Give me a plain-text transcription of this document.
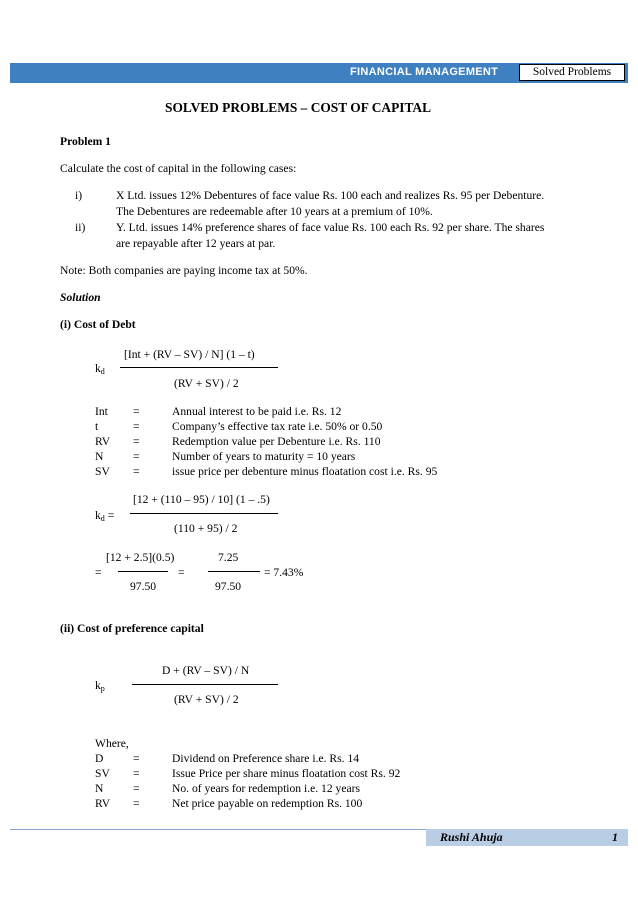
FINANCIAL MANAGEMENT	Solved Problems
SOLVED PROBLEMS – COST OF CAPITAL
Problem 1
Calculate the cost of capital in the following cases:
i)	X Ltd. issues 12% Debentures of face value Rs. 100 each and realizes Rs. 95 per Debenture.
The Debentures are redeemable after 10 years at a premium of 10%.
ii)	Y. Ltd. issues 14% preference shares of face value Rs. 100 each Rs. 92 per share. The shares
are repayable after 12 years at par.
Note: Both companies are paying income tax at 50%.
Solution
(i) Cost of Debt
[Int + (RV – SV) / N] (1 – t)
$k_d$
(RV + SV) / 2
Int =	Annual interest to be paid i.e. Rs. 12
t	=	Company’s effective tax rate i.e. 50% or 0.50
RV =	Redemption value per Debenture i.e. Rs. 110
N	=	Number of years to maturity = 10 years
SV =	issue price per debenture minus floatation cost i.e. Rs. 95
[12 + (110 – 95) / 10] (1 – .5)
$k_d$ =
(110 + 95) / 2
[12 + 2.5](0.5)
=
97.50
=
7.25
97.50
= 7.43%
(ii) Cost of preference capital
D + (RV – SV) / N
$k_p$
(RV + SV) / 2
Where,
D	=	Dividend on Preference share i.e. Rs. 14
SV =	Issue Price per share minus floatation cost Rs. 92
N	=	No. of years for redemption i.e. 12 years
RV =	Net price payable on redemption Rs. 100
Rushi Ahuja	1
